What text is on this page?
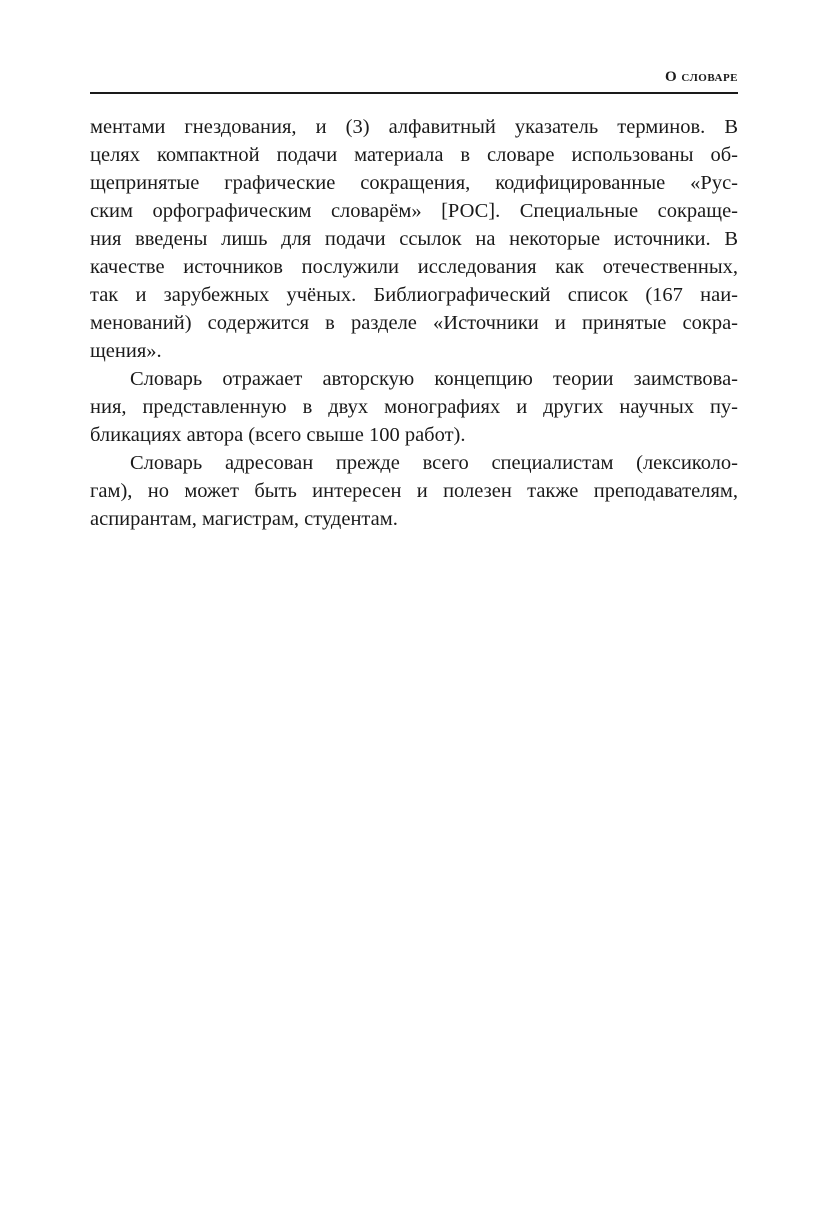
О словаре
ментами гнездования, и (3) алфавитный указатель терминов. В
целях компактной подачи материала в словаре использованы об-
щепринятые графические сокращения, кодифицированные «Рус-
ским орфографическим словарём» [РОС]. Специальные сокраще-
ния введены лишь для подачи ссылок на некоторые источники. В
качестве источников послужили исследования как отечественных,
так и зарубежных учёных. Библиографический список (167 наи-
менований) содержится в разделе «Источники и принятые сокра-
щения».
Словарь отражает авторскую концепцию теории заимствова-
ния, представленную в двух монографиях и других научных пу-
бликациях автора (всего свыше 100 работ).
Словарь адресован прежде всего специалистам (лексиколо-
гам), но может быть интересен и полезен также преподавателям,
аспирантам, магистрам, студентам.
